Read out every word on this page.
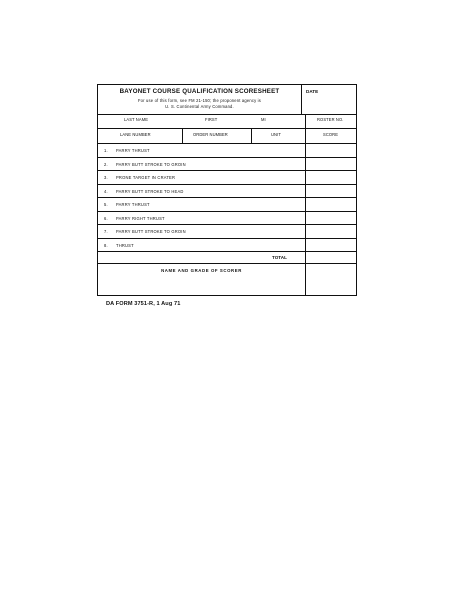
BAYONET COURSE QUALIFICATION SCORESHEET
For use of this form, see FM 21-150; the proponent agency is
U. S. Continental Army Command.
DATE
LAST NAME	FIRST	MI	ROSTER NO.
LANE NUMBER	ORDER NUMBER	UNIT	SCORE
1. PARRY THRUST
2. PARRY BUTT STROKE TO GROIN
3. PRONE TARGET IN CRATER
4. PARRY BUTT STROKE TO HEAD
5. PARRY THRUST
6. PARRY RIGHT THRUST
7. PARRY BUTT STROKE TO GROIN
8. THRUST
TOTAL
NAME AND GRADE OF SCORER
DA FORM 3751-R, 1 Aug 71
